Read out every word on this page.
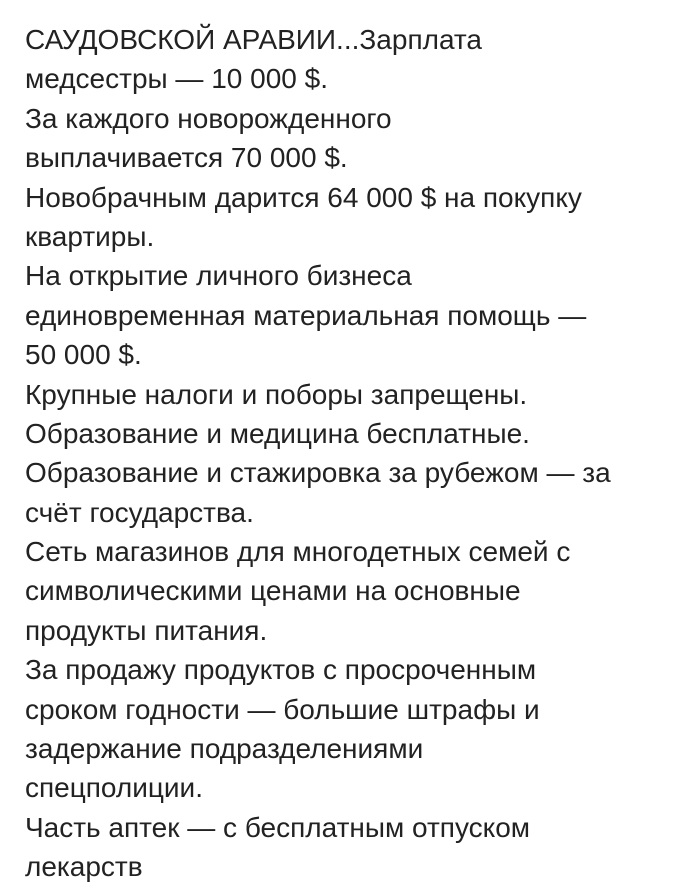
САУДОВСКОЙ АРАВИИ...Зарплата
медсестры — 10 000 $.
За каждого новорожденного
выплачивается 70 000 $.
Новобрачным дарится 64 000 $ на покупку
квартиры.
На открытие личного бизнеса
единовременная материальная помощь —
50 000 $.
Крупные налоги и поборы запрещены.
Образование и медицина бесплатные.
Образование и стажировка за рубежом — за
счёт государства.
Сеть магазинов для многодетных семей с
символическими ценами на основные
продукты питания.
За продажу продуктов с просроченным
сроком годности — большие штрафы и
задержание подразделениями
спецполиции.
Часть аптек — с бесплатным отпуском
лекарств
